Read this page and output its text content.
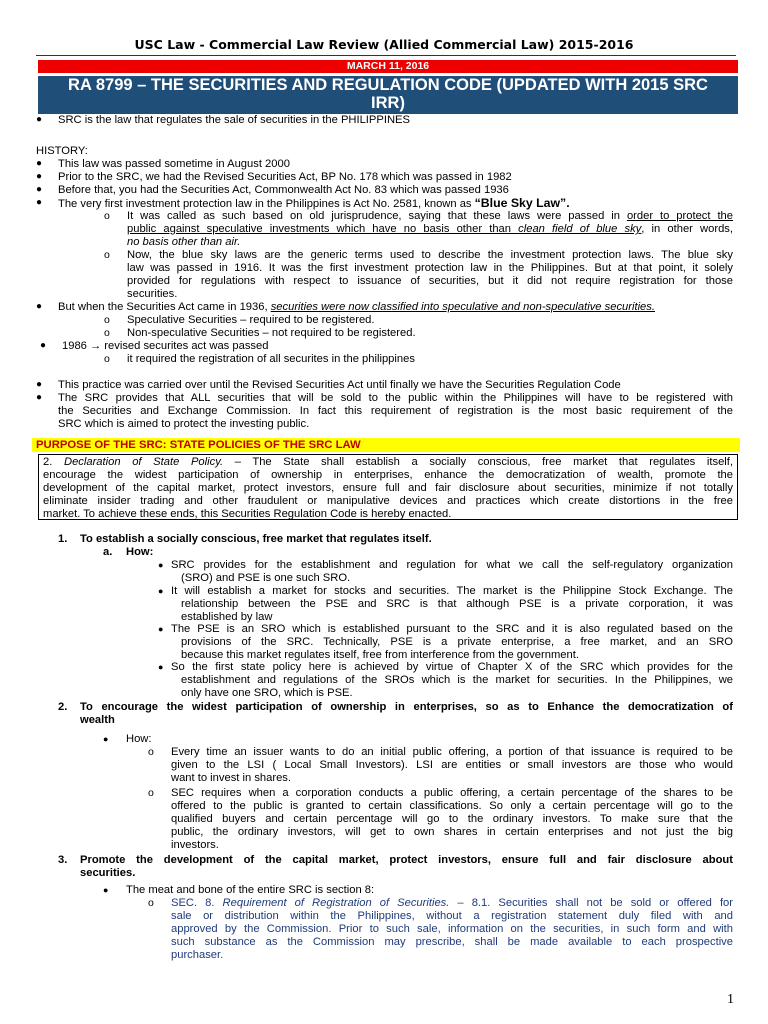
USC Law - Commercial Law Review (Allied Commercial Law) 2015-2016
MARCH 11, 2016
RA 8799 – THE SECURITIES AND REGULATION CODE (UPDATED WITH 2015 SRC
IRR)
● SRC is the law that regulates the sale of securities in the PHILIPPINES
HISTORY:
● This law was passed sometime in August 2000
● Prior to the SRC, we had the Revised Securities Act, BP No. 178 which was passed in 1982
● Before that, you had the Securities Act, Commonwealth Act No. 83 which was passed 1936
● The very first investment protection law in the Philippines is Act No. 2581, known as “Blue Sky Law”.
o It was called as such based on old jurisprudence, saying that these laws were passed in order to protect the
public against speculative investments which have no basis other than clean field of blue sky, in other words,
no basis other than air.
o Now, the blue sky laws are the generic terms used to describe the investment protection laws. The blue sky
law was passed in 1916. It was the first investment protection law in the Philippines. But at that point, it solely
provided for regulations with respect to issuance of securities, but it did not require registration for those
securities.
● But when the Securities Act came in 1936, securities were now classified into speculative and non-speculative securities.
o Speculative Securities – required to be registered.
o Non-speculative Securities – not required to be registered.
● 1986 → revised securites act was passed
o it required the registration of all securites in the philippines
● This practice was carried over until the Revised Securities Act until finally we have the Securities Regulation Code
● The SRC provides that ALL securities that will be sold to the public within the Philippines will have to be registered with
the Securities and Exchange Commission. In fact this requirement of registration is the most basic requirement of the
SRC which is aimed to protect the investing public.
PURPOSE OF THE SRC: STATE POLICIES OF THE SRC LAW
2. Declaration of State Policy. – The State shall establish a socially conscious, free market that regulates itself,
encourage the widest participation of ownership in enterprises, enhance the democratization of wealth, promote the
development of the capital market, protect investors, ensure full and fair disclosure about securities, minimize if not totally
eliminate insider trading and other fraudulent or manipulative devices and practices which create distortions in the free
market. To achieve these ends, this Securities Regulation Code is hereby enacted.
1. To establish a socially conscious, free market that regulates itself.
a. How:
● SRC provides for the establishment and regulation for what we call the self-regulatory organization
(SRO) and PSE is one such SRO.
● It will establish a market for stocks and securities. The market is the Philippine Stock Exchange. The
relationship between the PSE and SRC is that although PSE is a private corporation, it was
established by law
● The PSE is an SRO which is established pursuant to the SRC and it is also regulated based on the
provisions of the SRC. Technically, PSE is a private enterprise, a free market, and an SRO
because this market regulates itself, free from interference from the government.
● So the first state policy here is achieved by virtue of Chapter X of the SRC which provides for the
establishment and regulations of the SROs which is the market for securities. In the Philippines, we
only have one SRO, which is PSE.
2. To encourage the widest participation of ownership in enterprises, so as to Enhance the democratization of
wealth
● How:
o Every time an issuer wants to do an initial public offering, a portion of that issuance is required to be
given to the LSI ( Local Small Investors). LSI are entities or small investors are those who would
want to invest in shares.
o SEC requires when a corporation conducts a public offering, a certain percentage of the shares to be
offered to the public is granted to certain classifications. So only a certain percentage will go to the
qualified buyers and certain percentage will go to the ordinary investors. To make sure that the
public, the ordinary investors, will get to own shares in certain enterprises and not just the big
investors.
3. Promote the development of the capital market, protect investors, ensure full and fair disclosure about
securities.
● The meat and bone of the entire SRC is section 8:
o SEC. 8. Requirement of Registration of Securities. – 8.1. Securities shall not be sold or offered for
sale or distribution within the Philippines, without a registration statement duly filed with and
approved by the Commission. Prior to such sale, information on the securities, in such form and with
such substance as the Commission may prescribe, shall be made available to each prospective
purchaser.
1
